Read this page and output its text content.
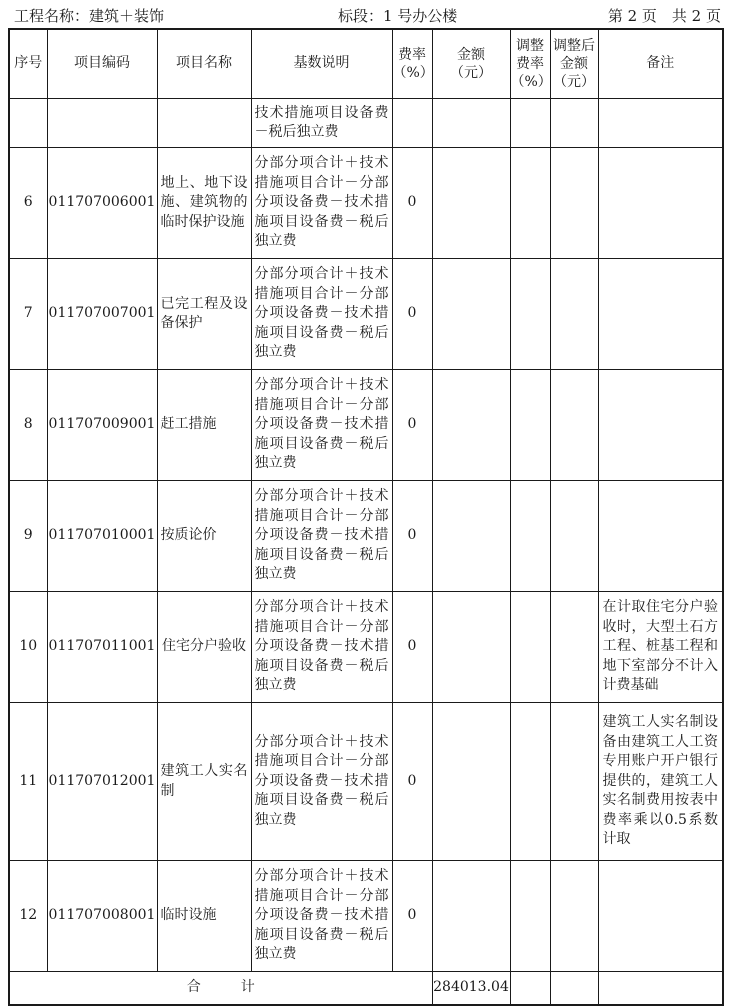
工程名称：建筑＋装饰	标段：1 号办公楼	第 2 页　共 2 页
序号	项目编码	项目名称	基数说明	费率（%）	金额（元）	调整费率（%）	调整后金额（元）	备注
			技术措施项目设备费－税后独立费					
6	011707006001	地上、地下设施、建筑物的临时保护设施	分部分项合计＋技术措施项目合计－分部分项设备费－技术措施项目设备费－税后独立费	0				
7	011707007001	已完工程及设备保护	分部分项合计＋技术措施项目合计－分部分项设备费－技术措施项目设备费－税后独立费	0				
8	011707009001	赶工措施	分部分项合计＋技术措施项目合计－分部分项设备费－技术措施项目设备费－税后独立费	0				
9	011707010001	按质论价	分部分项合计＋技术措施项目合计－分部分项设备费－技术措施项目设备费－税后独立费	0				
10	011707011001	住宅分户验收	分部分项合计＋技术措施项目合计－分部分项设备费－技术措施项目设备费－税后独立费	0				在计取住宅分户验收时，大型土石方工程、桩基工程和地下室部分不计入计费基础
11	011707012001	建筑工人实名制	分部分项合计＋技术措施项目合计－分部分项设备费－技术措施项目设备费－税后独立费	0				建筑工人实名制设备由建筑工人工资专用账户开户银行提供的，建筑工人实名制费用按表中费率乘以0.5系数计取
12	011707008001	临时设施	分部分项合计＋技术措施项目合计－分部分项设备费－技术措施项目设备费－税后独立费	0				
合计					284013.04			
